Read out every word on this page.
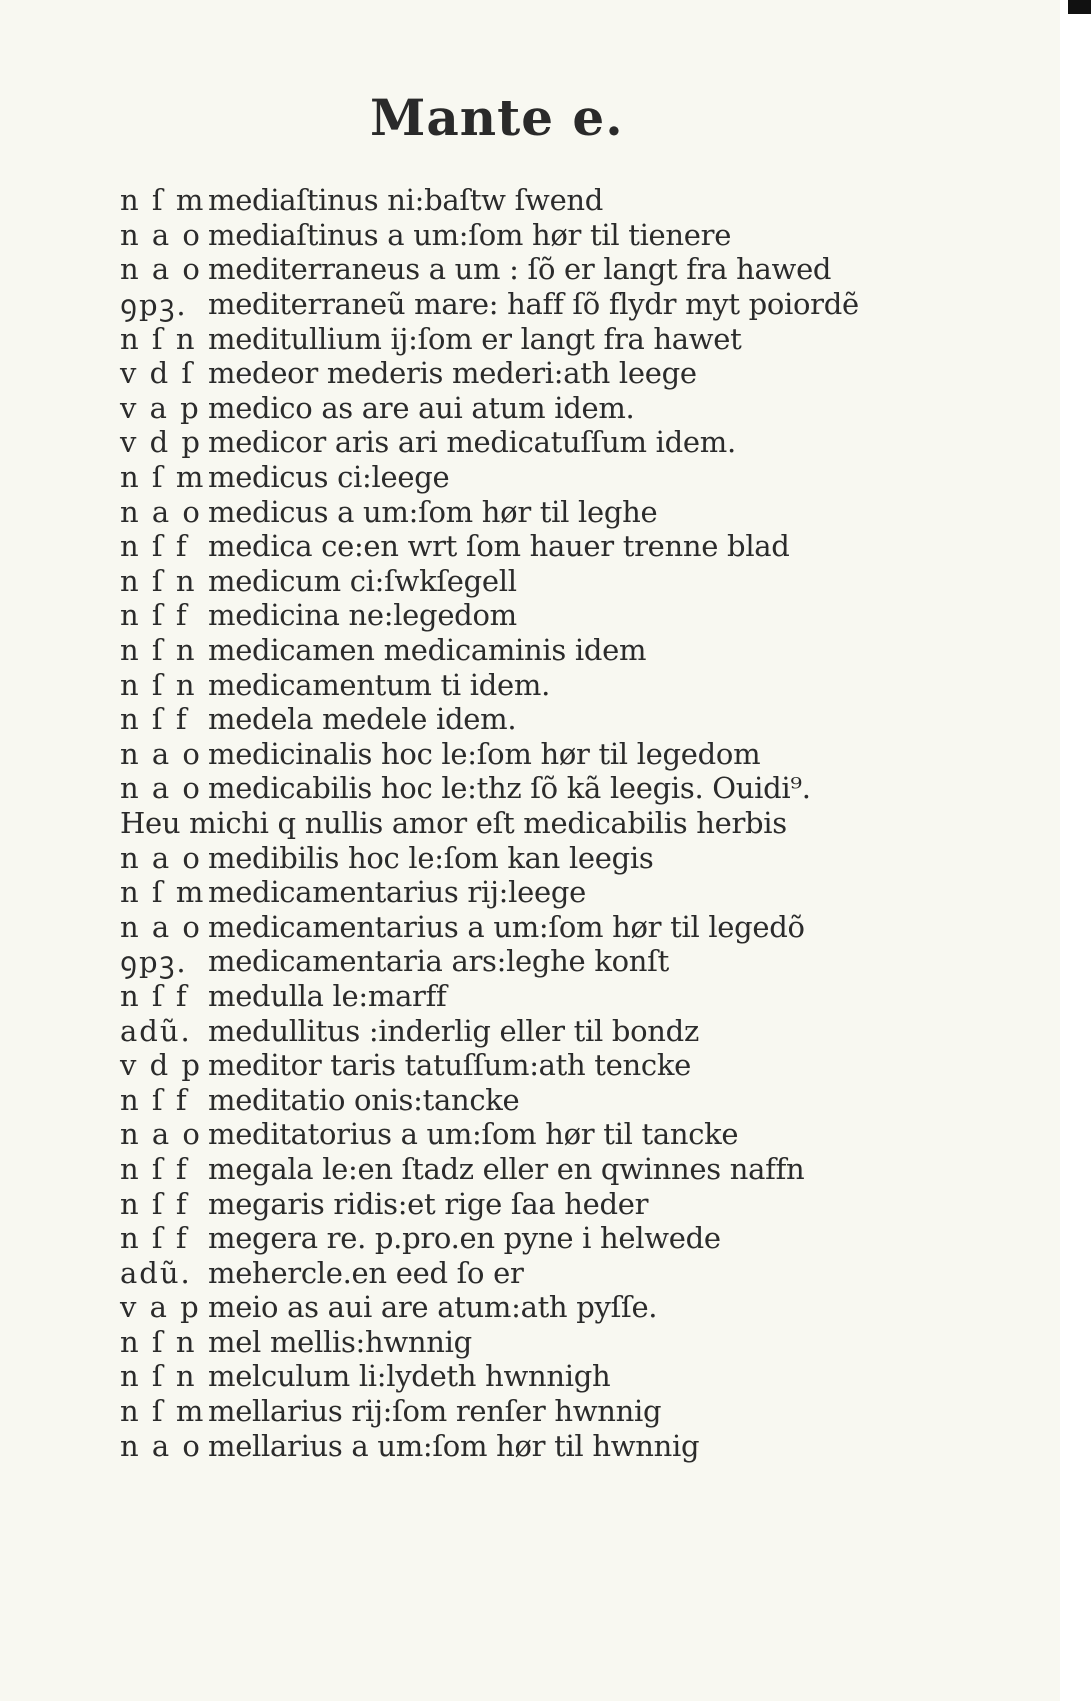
Mante e.
n ſ m mediaſtinus ni:baſtw ſwend
n a o mediaſtinus a um:ſom hør til tienere
n a o mediterraneus a um : ſõ er langt fra hawed
ꝯpꝫ. mediterraneũ mare: haff ſõ flydr myt poiordẽ
n ſ n meditullium ij:ſom er langt fra hawet
v d ſ medeor mederis mederi:ath leege
v a p medico as are aui atum idem.
v d p medicor aris ari medicatuſſum idem.
n ſ m medicus ci:leege
n a o medicus a um:ſom hør til leghe
n ſ f medica ce:en wrt ſom hauer trenne blad
n ſ n medicum ci:ſwkſegell
n ſ f medicina ne:legedom
n ſ n medicamen medicaminis idem
n ſ n medicamentum ti idem.
n ſ f medela medele idem.
n a o medicinalis hoc le:ſom hør til legedom
n a o medicabilis hoc le:thz ſõ kã leegis. Ouidi⁹.
Heu michi q nullis amor eſt medicabilis herbis
n a o medibilis hoc le:ſom kan leegis
n ſ m medicamentarius rij:leege
n a o medicamentarius a um:ſom hør til legedõ
ꝯpꝫ. medicamentaria ars:leghe konſt
n ſ f medulla le:marff
adũ. medullitus :inderlig eller til bondz
v d p meditor taris tatuſſum:ath tencke
n ſ f meditatio onis:tancke
n a o meditatorius a um:ſom hør til tancke
n ſ f megala le:en ſtadz eller en qwinnes naffn
n ſ f megaris ridis:et rige ſaa heder
n ſ f megera re. p.pro.en pyne i helwede
adũ. mehercle.en eed ſo er
v a p meio as aui are atum:ath pyſſe.
n ſ n mel mellis:hwnnig
n ſ n melculum li:lydeth hwnnigh
n ſ m mellarius rij:ſom renſer hwnnig
n a o mellarius a um:ſom hør til hwnnig
